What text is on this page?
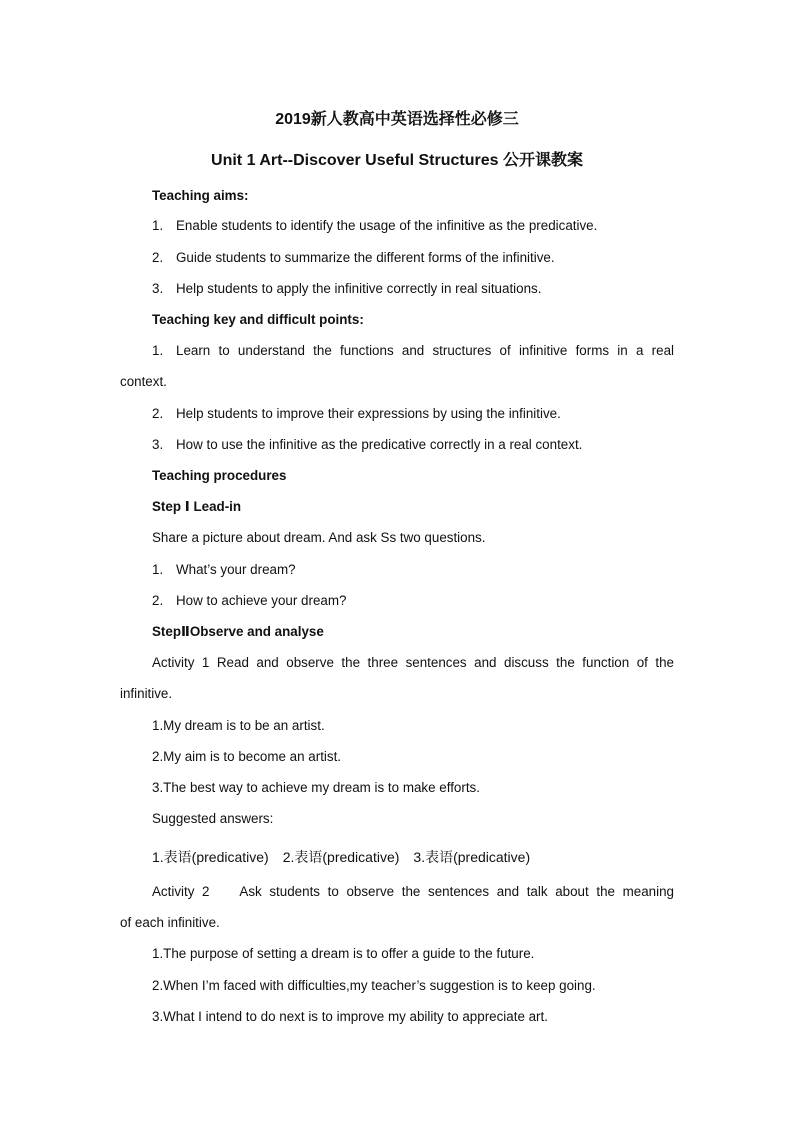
2019新人教高中英语选择性必修三
Unit 1 Art--Discover Useful Structures 公开课教案

Teaching aims:

1. Enable students to identify the usage of the infinitive as the predicative.

2. Guide students to summarize the different forms of the infinitive.

3. Help students to apply the infinitive correctly in real situations.

Teaching key and difficult points:

1. Learn to understand the functions and structures of infinitive forms in a real

context.

2. Help students to improve their expressions by using the infinitive.

3. How to use the infinitive as the predicative correctly in a real context.

Teaching procedures

Step Ⅰ Lead-in

Share a picture about dream. And ask Ss two questions.

1. What’s your dream?

2. How to achieve your dream?

StepⅡObserve and analyse

Activity 1 Read and observe the three sentences and discuss the function of the

infinitive.

1.My dream is to be an artist.

2.My aim is to become an artist.

3.The best way to achieve my dream is to make efforts.

Suggested answers:

1.表语(predicative) 2.表语(predicative) 3.表语(predicative)

Activity 2    Ask students to observe the sentences and talk about the meaning

of each infinitive.

1.The purpose of setting a dream is to offer a guide to the future.

2.When I’m faced with difficulties,my teacher’s suggestion is to keep going.

3.What I intend to do next is to improve my ability to appreciate art.
